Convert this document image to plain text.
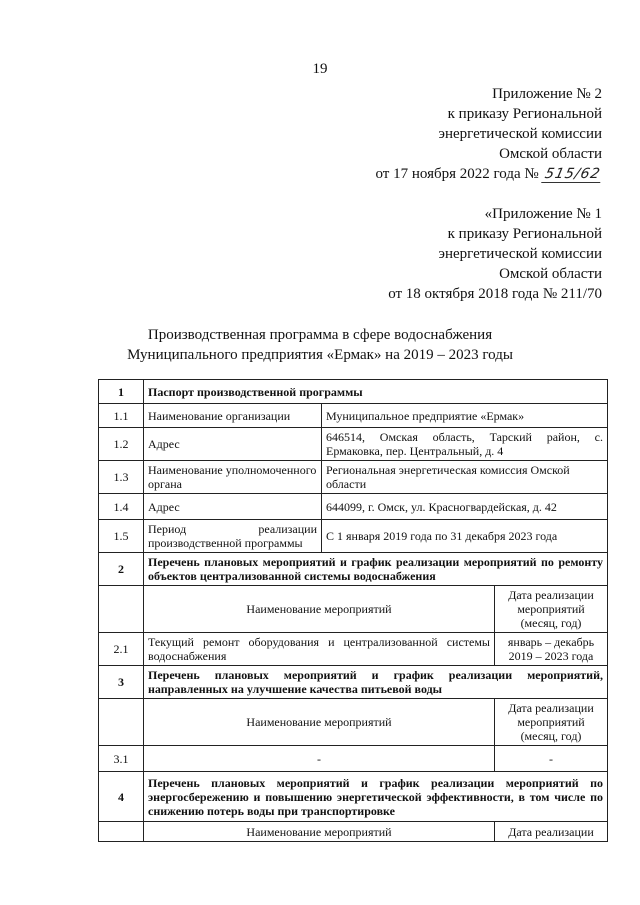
19
Приложение № 2
к приказу Региональной
энергетической комиссии
Омской области
от 17 ноября 2022 года № 515/62
«Приложение № 1
к приказу Региональной
энергетической комиссии
Омской области
от 18 октября 2018 года № 211/70
Производственная программа в сфере водоснабжения
Муниципального предприятия «Ермак» на 2019 – 2023 годы
1	Паспорт производственной программы		
1.1	Наименование организации	Муниципальное предприятие «Ермак»	
1.2	Адрес	646514, Омская область, Тарский район, с. Ермаковка, пер. Центральный, д. 4	
1.3	Наименование уполномоченного органа	Региональная энергетическая комиссия Омской области	
1.4	Адрес	644099, г. Омск, ул. Красногвардейская, д. 42	
1.5	Период реализации производственной программы	С 1 января 2019 года по 31 декабря 2023 года	
2	Перечень плановых мероприятий и график реализации мероприятий по ремонту объектов централизованной системы водоснабжения		
	Наименование мероприятий		Дата реализации мероприятий (месяц, год)
2.1	Текущий ремонт оборудования и централизованной системы водоснабжения		январь – декабрь 2019 – 2023 года
3	Перечень плановых мероприятий и график реализации мероприятий, направленных на улучшение качества питьевой воды		
	Наименование мероприятий		Дата реализации мероприятий (месяц, год)
3.1	-		-
4	Перечень плановых мероприятий и график реализации мероприятий по энергосбережению и повышению энергетической эффективности, в том числе по снижению потерь воды при транспортировке		
	Наименование мероприятий		Дата реализации
